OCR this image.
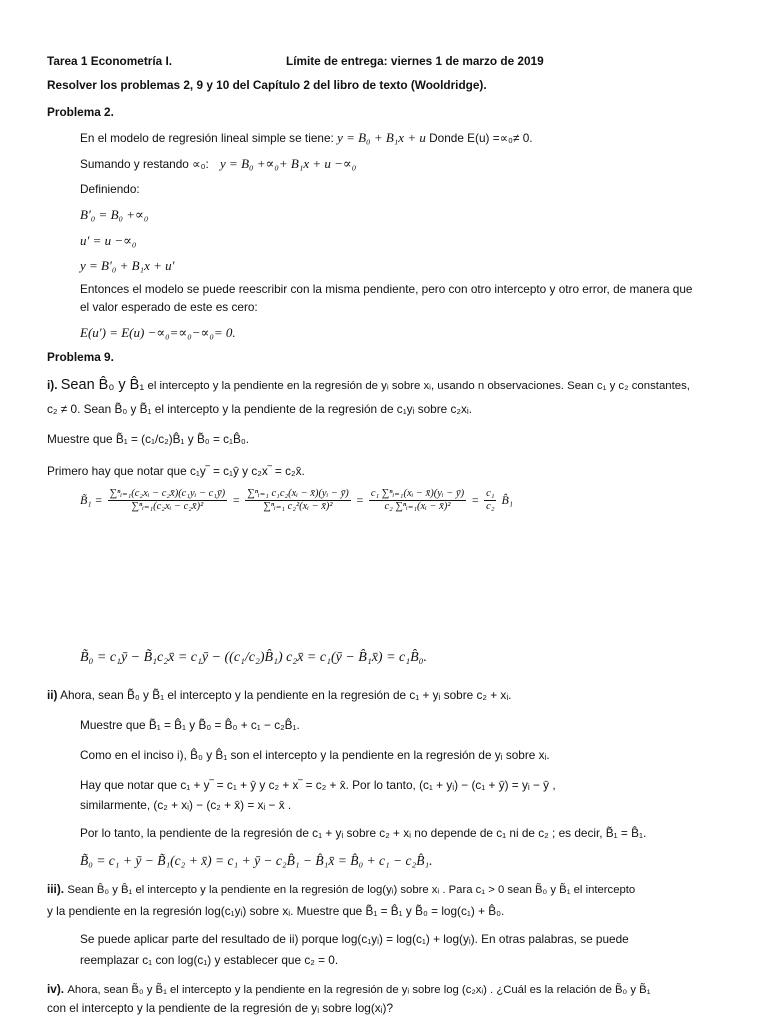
Tarea 1 Econometría I.	Límite de entrega: viernes 1 de marzo de 2019
Resolver los problemas 2, 9 y 10 del Capítulo 2 del libro de texto (Wooldridge).
Problema 2.
En el modelo de regresión lineal simple se tiene: y = B₀ + B₁x + u Donde E(u) =∝₀≠ 0.
Sumando y restando ∝₀: y = B₀ +∝₀+ B₁x + u −∝₀
Definiendo:
B′₀ = B₀ +∝₀
u′ = u −∝₀
y = B′₀ + B₁x + u′
Entonces el modelo se puede reescribir con la misma pendiente, pero con otro intercepto y otro error, de manera que
el valor esperado de este es cero:
E(u′) = E(u) −∝₀=∝₀−∝₀= 0.
Problema 9.
i). Sean B̂₀ y B̂₁ el intercepto y la pendiente en la regresión de yᵢ sobre xᵢ, usando n observaciones. Sean c₁ y c₂ constantes,
c₂ ≠ 0. Sean B̃₀ y B̃₁ el intercepto y la pendiente de la regresión de c₁yᵢ sobre c₂xᵢ.
Muestre que B̃₁ = (c₁/c₂)B̂₁ y B̃₀ = c₁B̂₀.
Primero hay que notar que c₁y‾ = c₁ȳ y c₂x‾ = c₂x̄.
B̃₁ = $\frac{\text{∑ⁿᵢ₌₁(c₂xᵢ − c₂x̄)(c₁yᵢ − c₁ȳ)}}{\text{∑ⁿᵢ₌₁(c₂xᵢ − c₂x̄)²}} = \frac{\text{∑ⁿᵢ₌₁ c₁c₂(xᵢ − x̄)(yᵢ − ȳ)}}{\text{∑ⁿᵢ₌₁ c₂²(xᵢ − x̄)²}} = \frac{\text{c₁ ∑ⁿᵢ₌₁(xᵢ − x̄)(yᵢ − ȳ)}}{\text{c₂ ∑ⁿᵢ₌₁(xᵢ − x̄)²}} = \frac{\text{c₁}}{\text{c₂}}$ B̂₁
B̃₀ = c₁ȳ − B̃₁c₂x̄ = c₁ȳ − ((c₁/c₂)B̂₁) c₂x̄ = c₁(ȳ − B̂₁x̄) = c₁B̂₀.
ii) Ahora, sean B̃₀ y B̃₁ el intercepto y la pendiente en la regresión de c₁ + yᵢ sobre c₂ + xᵢ.
Muestre que B̃₁ = B̂₁ y B̃₀ = B̂₀ + c₁ − c₂B̂₁.
Como en el inciso i), B̂₀ y B̂₁ son el intercepto y la pendiente en la regresión de yᵢ sobre xᵢ.
Hay que notar que c₁ + y‾ = c₁ + ȳ y c₂ + x‾ = c₂ + x̄. Por lo tanto, (c₁ + yᵢ) − (c₁ + ȳ) = yᵢ − ȳ ,
similarmente, (c₂ + xᵢ) − (c₂ + x̄) = xᵢ − x̄ .
Por lo tanto, la pendiente de la regresión de c₁ + yᵢ sobre c₂ + xᵢ no depende de c₁ ni de c₂ ; es decir, B̃₁ = B̂₁.
B̃₀ = c₁ + ȳ − B̃₁(c₂ + x̄) = c₁ + ȳ − c₂B̂₁ − B̂₁x̄ = B̂₀ + c₁ − c₂B̂₁.
iii). Sean B̂₀ y B̂₁ el intercepto y la pendiente en la regresión de log(yᵢ) sobre xᵢ . Para c₁ > 0 sean B̃₀ y B̃₁ el intercepto
y la pendiente en la regresión log(c₁yᵢ) sobre xᵢ. Muestre que B̃₁ = B̂₁ y B̃₀ = log(c₁) + B̂₀.
Se puede aplicar parte del resultado de ii) porque log(c₁yᵢ) = log(c₁) + log(yᵢ). En otras palabras, se puede
reemplazar c₁ con log(c₁) y establecer que c₂ = 0.
iv). Ahora, sean B̃₀ y B̃₁ el intercepto y la pendiente en la regresión de yᵢ sobre log (c₂xᵢ) . ¿Cuál es la relación de B̃₀ y B̃₁
con el intercepto y la pendiente de la regresión de yᵢ sobre log(xᵢ)?
